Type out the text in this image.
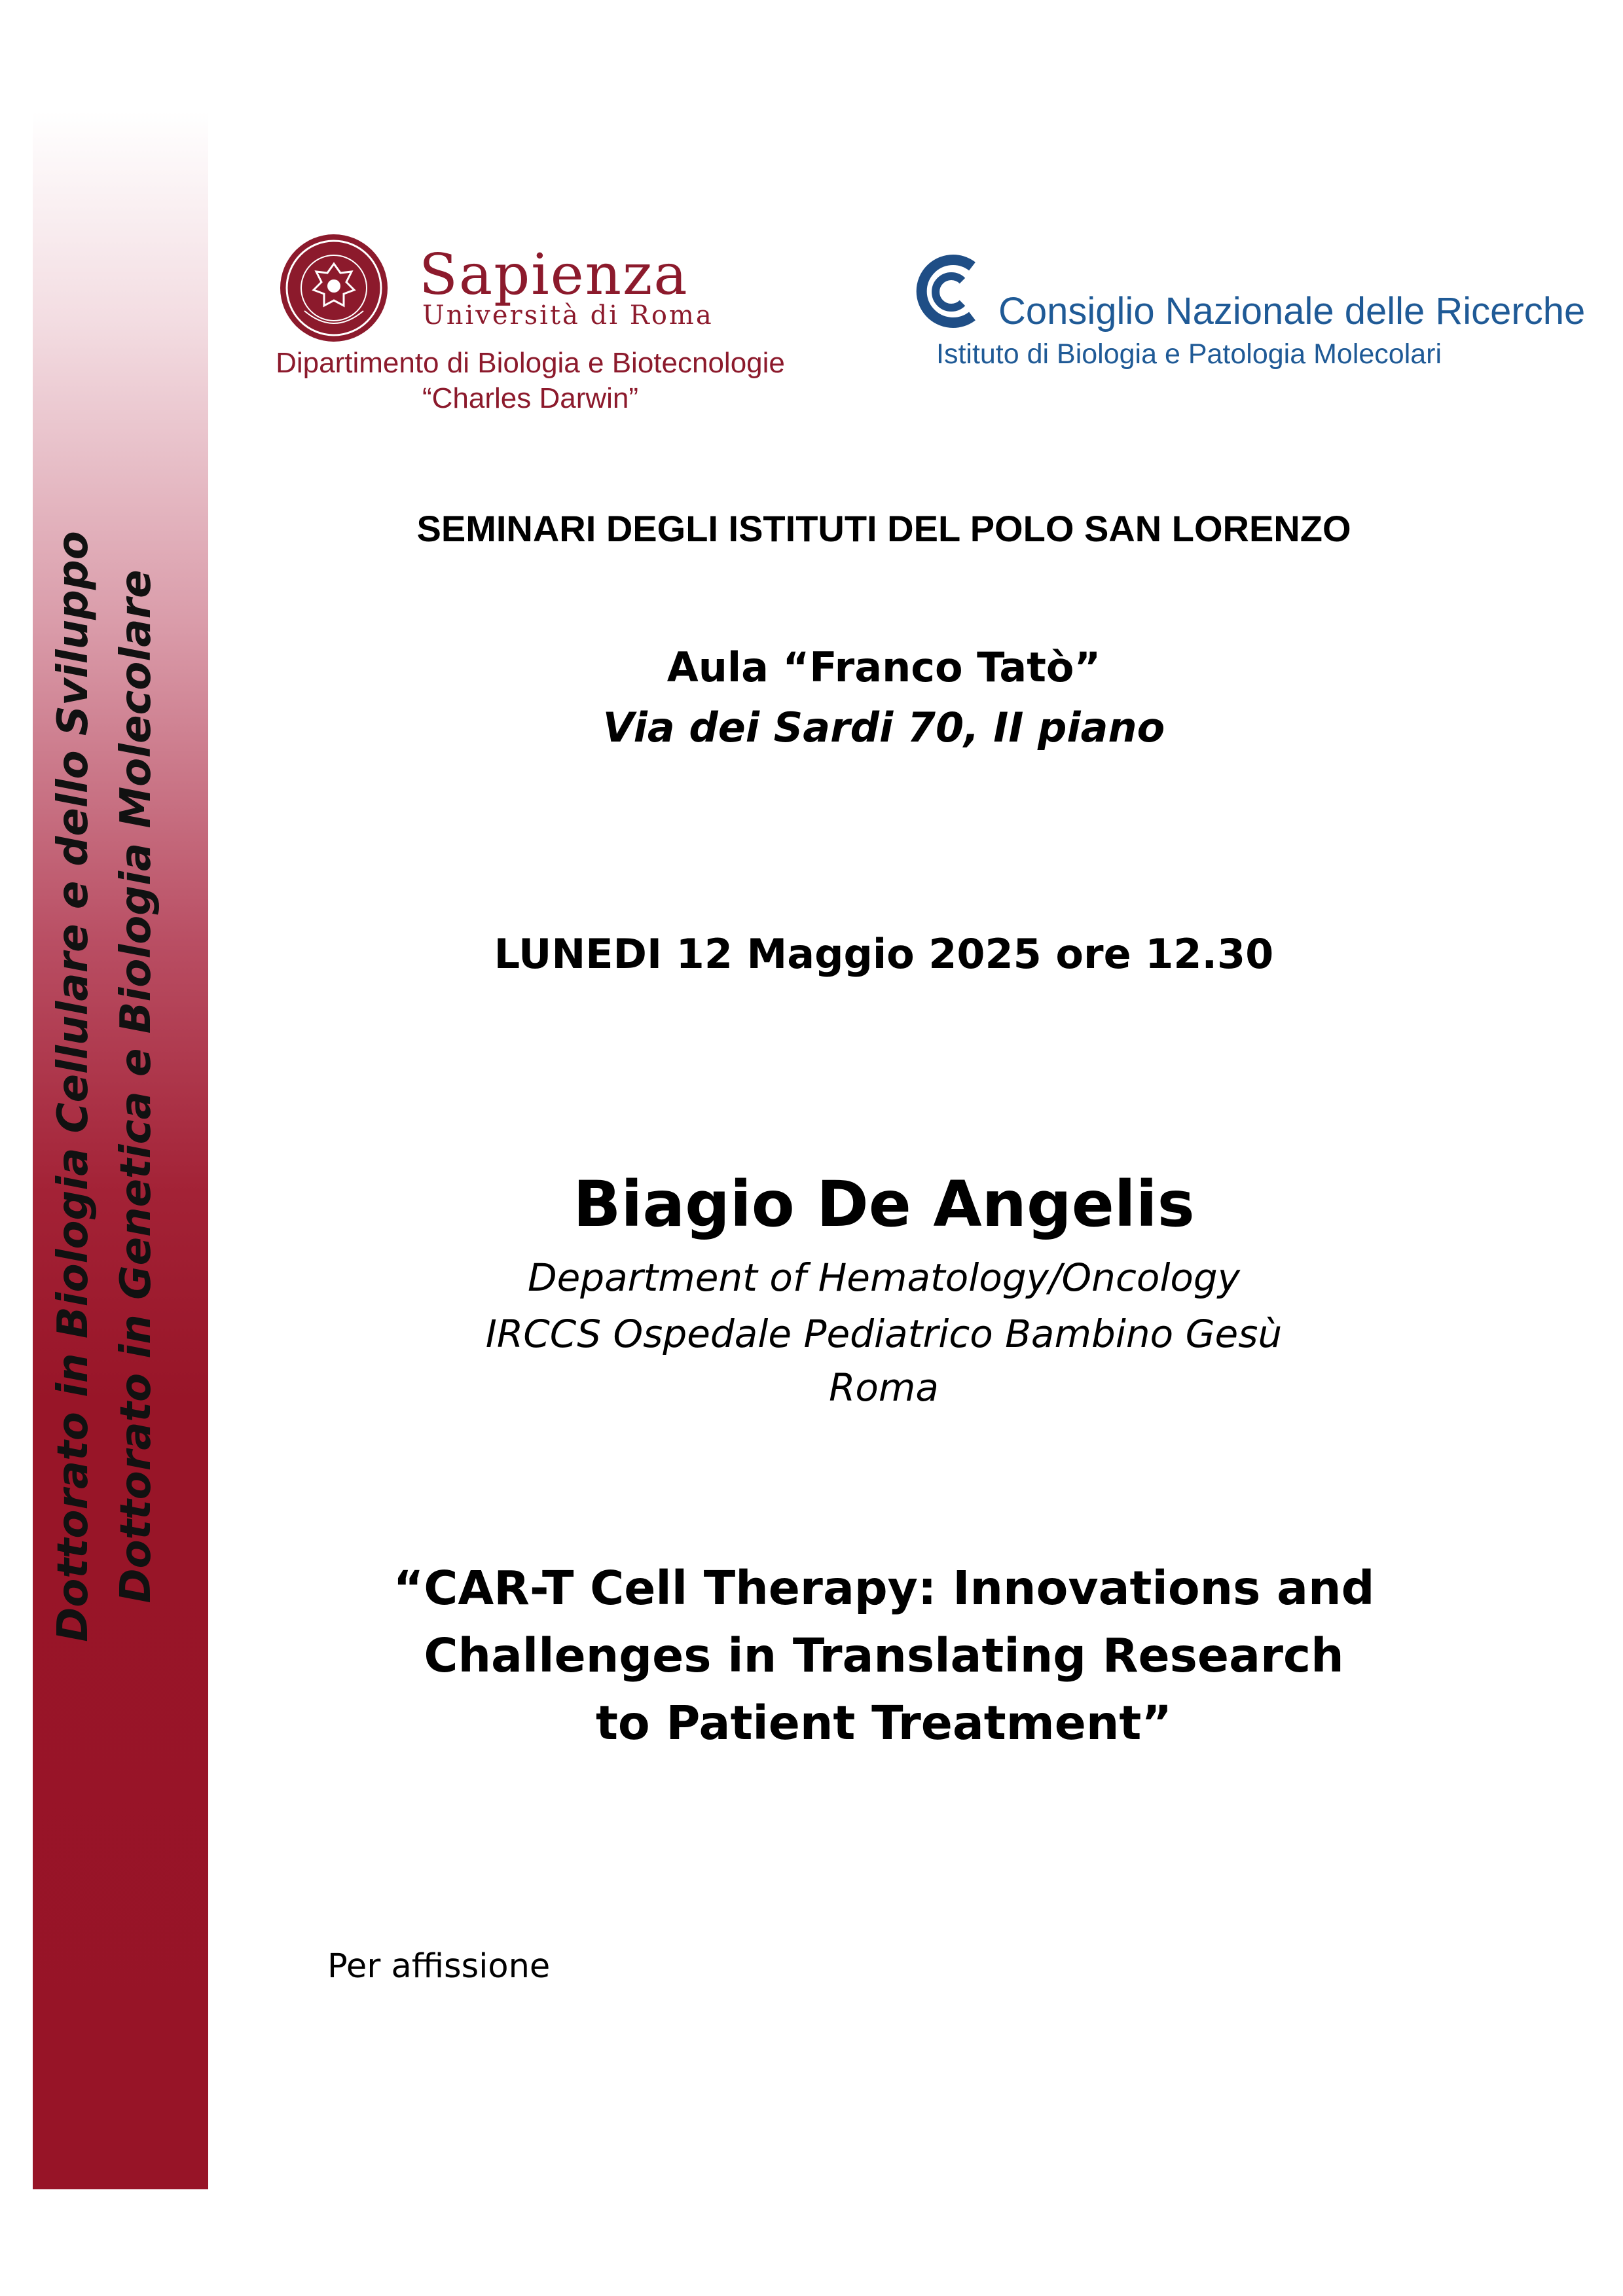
Dottorato in Biologia Cellulare e dello Sviluppo Dottorato in Genetica e Biologia Molecolare
Sapienza
Università di Roma
Dipartimento di Biologia e Biotecnologie
“Charles Darwin”
Consiglio Nazionale delle Ricerche
Istituto di Biologia e Patologia Molecolari
SEMINARI DEGLI ISTITUTI DEL POLO SAN LORENZO
Aula “Franco Tatò”
Via dei Sardi 70, II piano
LUNEDI 12 Maggio 2025 ore 12.30
Biagio De Angelis
Department of Hematology/Oncology
IRCCS Ospedale Pediatrico Bambino Gesù
Roma
“CAR-T Cell Therapy: Innovations and
Challenges in Translating Research
to Patient Treatment”
Per affissione
